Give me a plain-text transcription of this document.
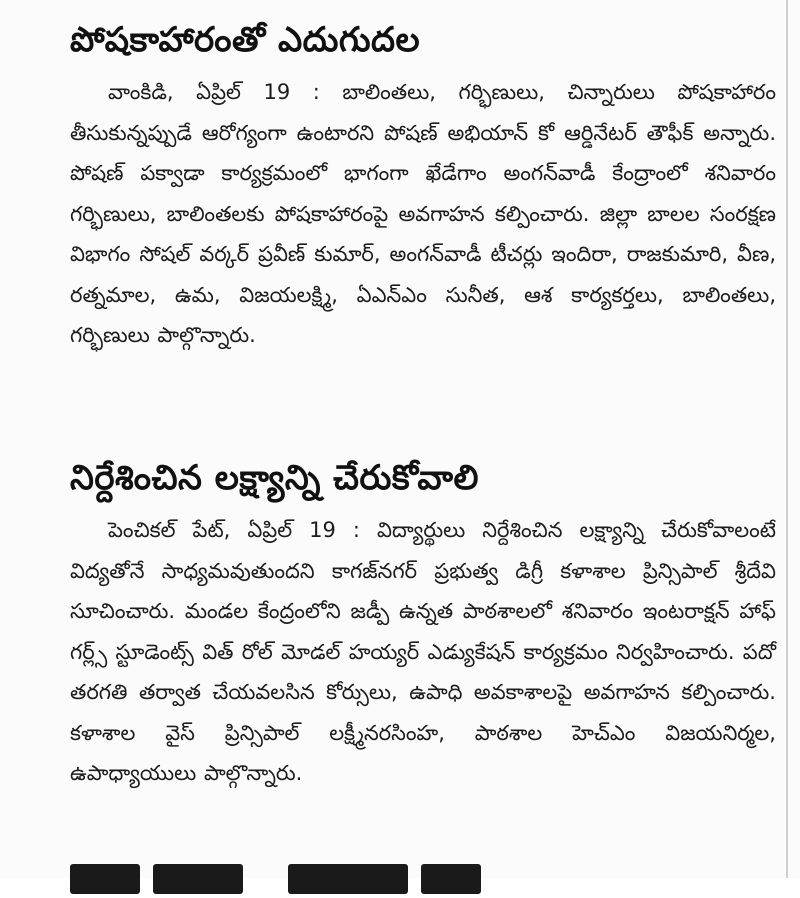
పోషకాహారంతో ఎదుగుదల

వాంకిడి, ఏప్రిల్ 19 : బాలింతలు, గర్భిణులు, చిన్నారులు పోషకాహారం తీసుకున్నప్పుడే ఆరోగ్యంగా ఉంటారని పోషణ్ అభియాన్ కో ఆర్డినేటర్ తౌఫీక్ అన్నారు. పోషణ్ పక్వాడా కార్యక్రమంలో భాగంగా ఖేడేగాం అంగన్‌వాడీ కేంద్రాంలో శనివారం గర్భిణులు, బాలింతలకు పోషకాహారంపై అవగాహన కల్పించారు. జిల్లా బాలల సంరక్షణ విభాగం సోషల్ వర్కర్ ప్రవీణ్ కుమార్, అంగన్‌వాడీ టీచర్లు ఇందిరా, రాజకుమారి, వీణ, రత్నమాల, ఉమ, విజయలక్ష్మి, ఏఎన్ఎం సునీత, ఆశ కార్యకర్తలు, బాలింతలు, గర్భిణులు పాల్గొన్నారు.

నిర్దేశించిన లక్ష్యాన్ని చేరుకోవాలి

పెంచికల్ పేట్, ఏప్రిల్ 19 : విద్యార్థులు నిర్దేశించిన లక్ష్యాన్ని చేరుకోవాలంటే విద్యతోనే సాధ్యమవుతుందని కాగజ్‌నగర్ ప్రభుత్వ డిగ్రీ కళాశాల ప్రిన్సిపాల్ శ్రీదేవి సూచించారు. మండల కేంద్రంలోని జడ్పీ ఉన్నత పాఠశాలలో శనివారం ఇంటరాక్షన్ హాఫ్ గర్ల్స్ స్టూడెంట్స్ విత్ రోల్ మోడల్ హయ్యర్ ఎడ్యుకేషన్ కార్యక్రమం నిర్వహించారు. పదో తరగతి తర్వాత చేయవలసిన కోర్సులు, ఉపాధి అవకాశాలపై అవగాహన కల్పించారు. కళాశాల వైస్ ప్రిన్సిపాల్ లక్ష్మీనరసింహ, పాఠశాల హెచ్ఎం విజయనిర్మల, ఉపాధ్యాయులు పాల్గొన్నారు.
